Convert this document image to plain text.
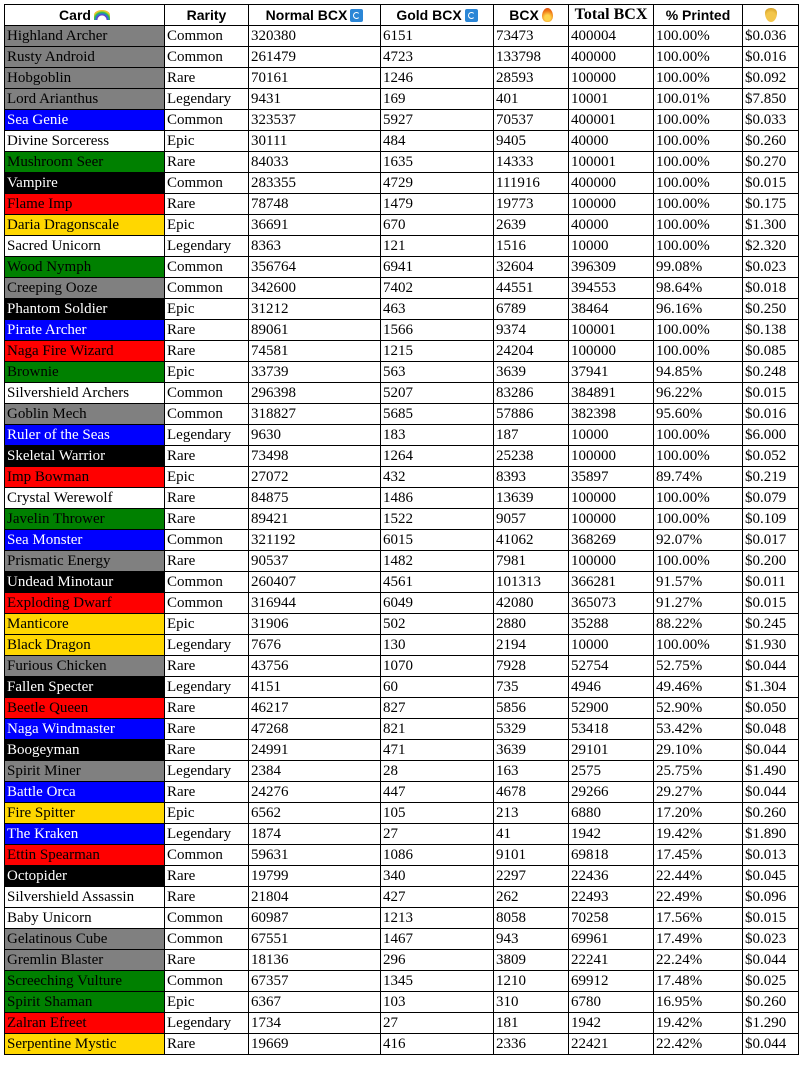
Card	Rarity	Normal BCX	Gold BCX	BCX	Total BCX	% Printed	
Highland Archer	Common	320380	6151	73473	400004	100.00%	$0.036
Rusty Android	Common	261479	4723	133798	400000	100.00%	$0.016
Hobgoblin	Rare	70161	1246	28593	100000	100.00%	$0.092
Lord Arianthus	Legendary	9431	169	401	10001	100.01%	$7.850
Sea Genie	Common	323537	5927	70537	400001	100.00%	$0.033
Divine Sorceress	Epic	30111	484	9405	40000	100.00%	$0.260
Mushroom Seer	Rare	84033	1635	14333	100001	100.00%	$0.270
Vampire	Common	283355	4729	111916	400000	100.00%	$0.015
Flame Imp	Rare	78748	1479	19773	100000	100.00%	$0.175
Daria Dragonscale	Epic	36691	670	2639	40000	100.00%	$1.300
Sacred Unicorn	Legendary	8363	121	1516	10000	100.00%	$2.320
Wood Nymph	Common	356764	6941	32604	396309	99.08%	$0.023
Creeping Ooze	Common	342600	7402	44551	394553	98.64%	$0.018
Phantom Soldier	Epic	31212	463	6789	38464	96.16%	$0.250
Pirate Archer	Rare	89061	1566	9374	100001	100.00%	$0.138
Naga Fire Wizard	Rare	74581	1215	24204	100000	100.00%	$0.085
Brownie	Epic	33739	563	3639	37941	94.85%	$0.248
Silvershield Archers	Common	296398	5207	83286	384891	96.22%	$0.015
Goblin Mech	Common	318827	5685	57886	382398	95.60%	$0.016
Ruler of the Seas	Legendary	9630	183	187	10000	100.00%	$6.000
Skeletal Warrior	Rare	73498	1264	25238	100000	100.00%	$0.052
Imp Bowman	Epic	27072	432	8393	35897	89.74%	$0.219
Crystal Werewolf	Rare	84875	1486	13639	100000	100.00%	$0.079
Javelin Thrower	Rare	89421	1522	9057	100000	100.00%	$0.109
Sea Monster	Common	321192	6015	41062	368269	92.07%	$0.017
Prismatic Energy	Rare	90537	1482	7981	100000	100.00%	$0.200
Undead Minotaur	Common	260407	4561	101313	366281	91.57%	$0.011
Exploding Dwarf	Common	316944	6049	42080	365073	91.27%	$0.015
Manticore	Epic	31906	502	2880	35288	88.22%	$0.245
Black Dragon	Legendary	7676	130	2194	10000	100.00%	$1.930
Furious Chicken	Rare	43756	1070	7928	52754	52.75%	$0.044
Fallen Specter	Legendary	4151	60	735	4946	49.46%	$1.304
Beetle Queen	Rare	46217	827	5856	52900	52.90%	$0.050
Naga Windmaster	Rare	47268	821	5329	53418	53.42%	$0.048
Boogeyman	Rare	24991	471	3639	29101	29.10%	$0.044
Spirit Miner	Legendary	2384	28	163	2575	25.75%	$1.490
Battle Orca	Rare	24276	447	4678	29266	29.27%	$0.044
Fire Spitter	Epic	6562	105	213	6880	17.20%	$0.260
The Kraken	Legendary	1874	27	41	1942	19.42%	$1.890
Ettin Spearman	Common	59631	1086	9101	69818	17.45%	$0.013
Octopider	Rare	19799	340	2297	22436	22.44%	$0.045
Silvershield Assassin	Rare	21804	427	262	22493	22.49%	$0.096
Baby Unicorn	Common	60987	1213	8058	70258	17.56%	$0.015
Gelatinous Cube	Common	67551	1467	943	69961	17.49%	$0.023
Gremlin Blaster	Rare	18136	296	3809	22241	22.24%	$0.044
Screeching Vulture	Common	67357	1345	1210	69912	17.48%	$0.025
Spirit Shaman	Epic	6367	103	310	6780	16.95%	$0.260
Zalran Efreet	Legendary	1734	27	181	1942	19.42%	$1.290
Serpentine Mystic	Rare	19669	416	2336	22421	22.42%	$0.044
